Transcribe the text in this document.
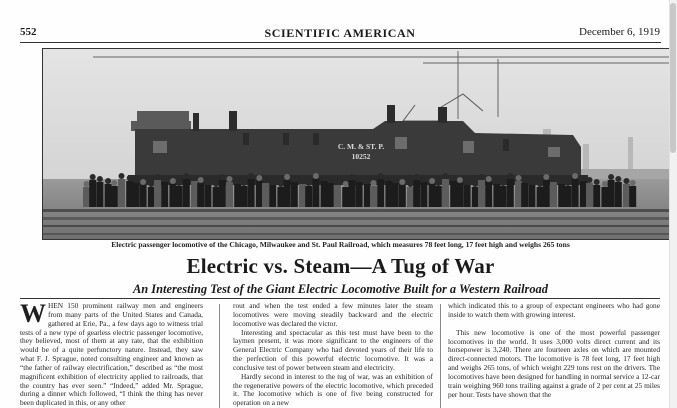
552	SCIENTIFIC AMERICAN	December 6, 1919
C. M. & ST. P.
10252
Electric passenger locomotive of the Chicago, Milwaukee and St. Paul Railroad, which measures 78 feet long, 17 feet high and weighs 265 tons
Electric vs. Steam—A Tug of War
An Interesting Test of the Giant Electric Locomotive Built for a Western Railroad

WHEN 150 prominent railway men and engineers from many parts of the United States and Canada, gathered at Erie, Pa., a few days ago to witness trial tests of a new type of gearless electric passenger locomotive, they believed, most of them at any rate, that the exhibition would be of a quite perfunctory nature. Instead, they saw what F. J. Sprague, noted consulting engineer and known as “the father of railway electrification,” described as “the most magnificent exhibition of electricity applied to railroads, that the country has ever seen.” “Indeed,” added Mr. Sprague, during a dinner which followed, “I think the thing has never been duplicated in this, or any other

rout and when the test ended a few minutes later the steam locomotives were moving steadily backward and the electric locomotive was declared the victor.

Interesting and spectacular as this test must have been to the laymen present, it was more significant to the engineers of the General Electric Company who had devoted years of their life to the perfection of this powerful electric locomotive. It was a conclusive test of power between steam and electricity.

Hardly second in interest to the tug of war, was an exhibition of the regenerative powers of the electric locomotive, which preceded it. The locomotive which is one of five being constructed for operation on a new

which indicated this to a group of expectant engineers who had gone inside to watch them with growing interest.

This new locomotive is one of the most powerful passenger locomotives in the world. It uses 3,000 volts direct current and its horsepower is 3,240. There are fourteen axles on which are mounted direct-connected motors. The locomotive is 78 feet long, 17 feet high and weighs 265 tons, of which weight 229 tons rest on the drivers. The locomotives have been designed for handling in normal service a 12-car train weighing 960 tons trailing against a grade of 2 per cent at 25 miles per hour. Tests have shown that the
